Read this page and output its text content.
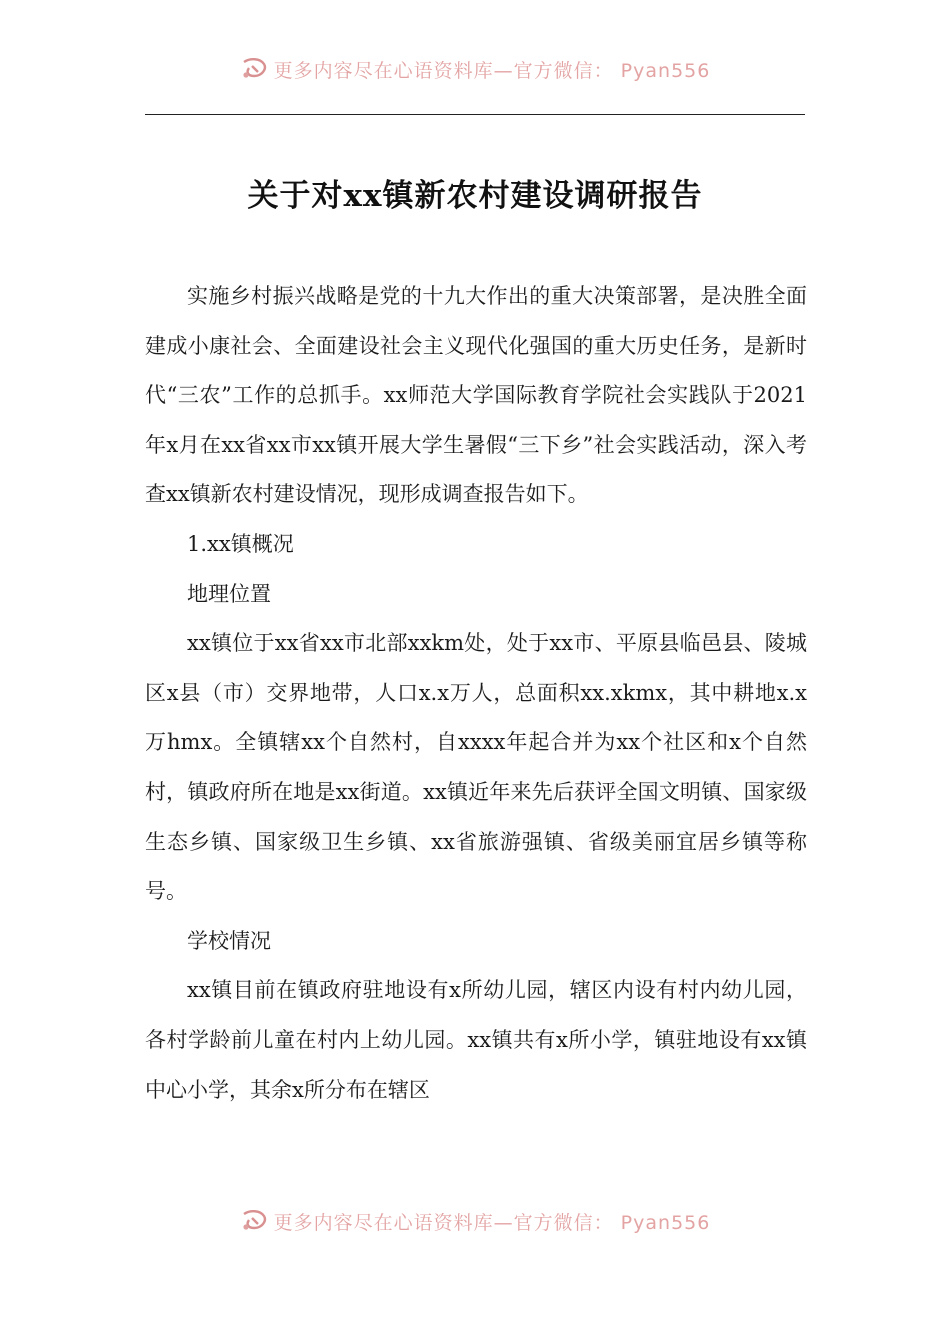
更多内容尽在心语资料库—官方微信： Pyan556
关于对xx镇新农村建设调研报告

实施乡村振兴战略是党的十九大作出的重大决策部署，是决胜全面建成小康社会、全面建设社会主义现代化强国的重大历史任务，是新时代“三农”工作的总抓手。xx师范大学国际教育学院社会实践队于2021年x月在xx省xx市xx镇开展大学生暑假“三下乡”社会实践活动，深入考查xx镇新农村建设情况，现形成调查报告如下。

1.xx镇概况

地理位置

xx镇位于xx省xx市北部xxkm处，处于xx市、平原县临邑县、陵城区x县（市）交界地带，人口x.x万人，总面积xx.xkmx，其中耕地x.x万hmx。全镇辖xx个自然村，自xxxx年起合并为xx个社区和x个自然村，镇政府所在地是xx街道。xx镇近年来先后获评全国文明镇、国家级生态乡镇、国家级卫生乡镇、xx省旅游强镇、省级美丽宜居乡镇等称号。

学校情况

xx镇目前在镇政府驻地设有x所幼儿园，辖区内设有村内幼儿园，各村学龄前儿童在村内上幼儿园。xx镇共有x所小学，镇驻地设有xx镇中心小学，其余x所分布在辖区

更多内容尽在心语资料库—官方微信： Pyan556
